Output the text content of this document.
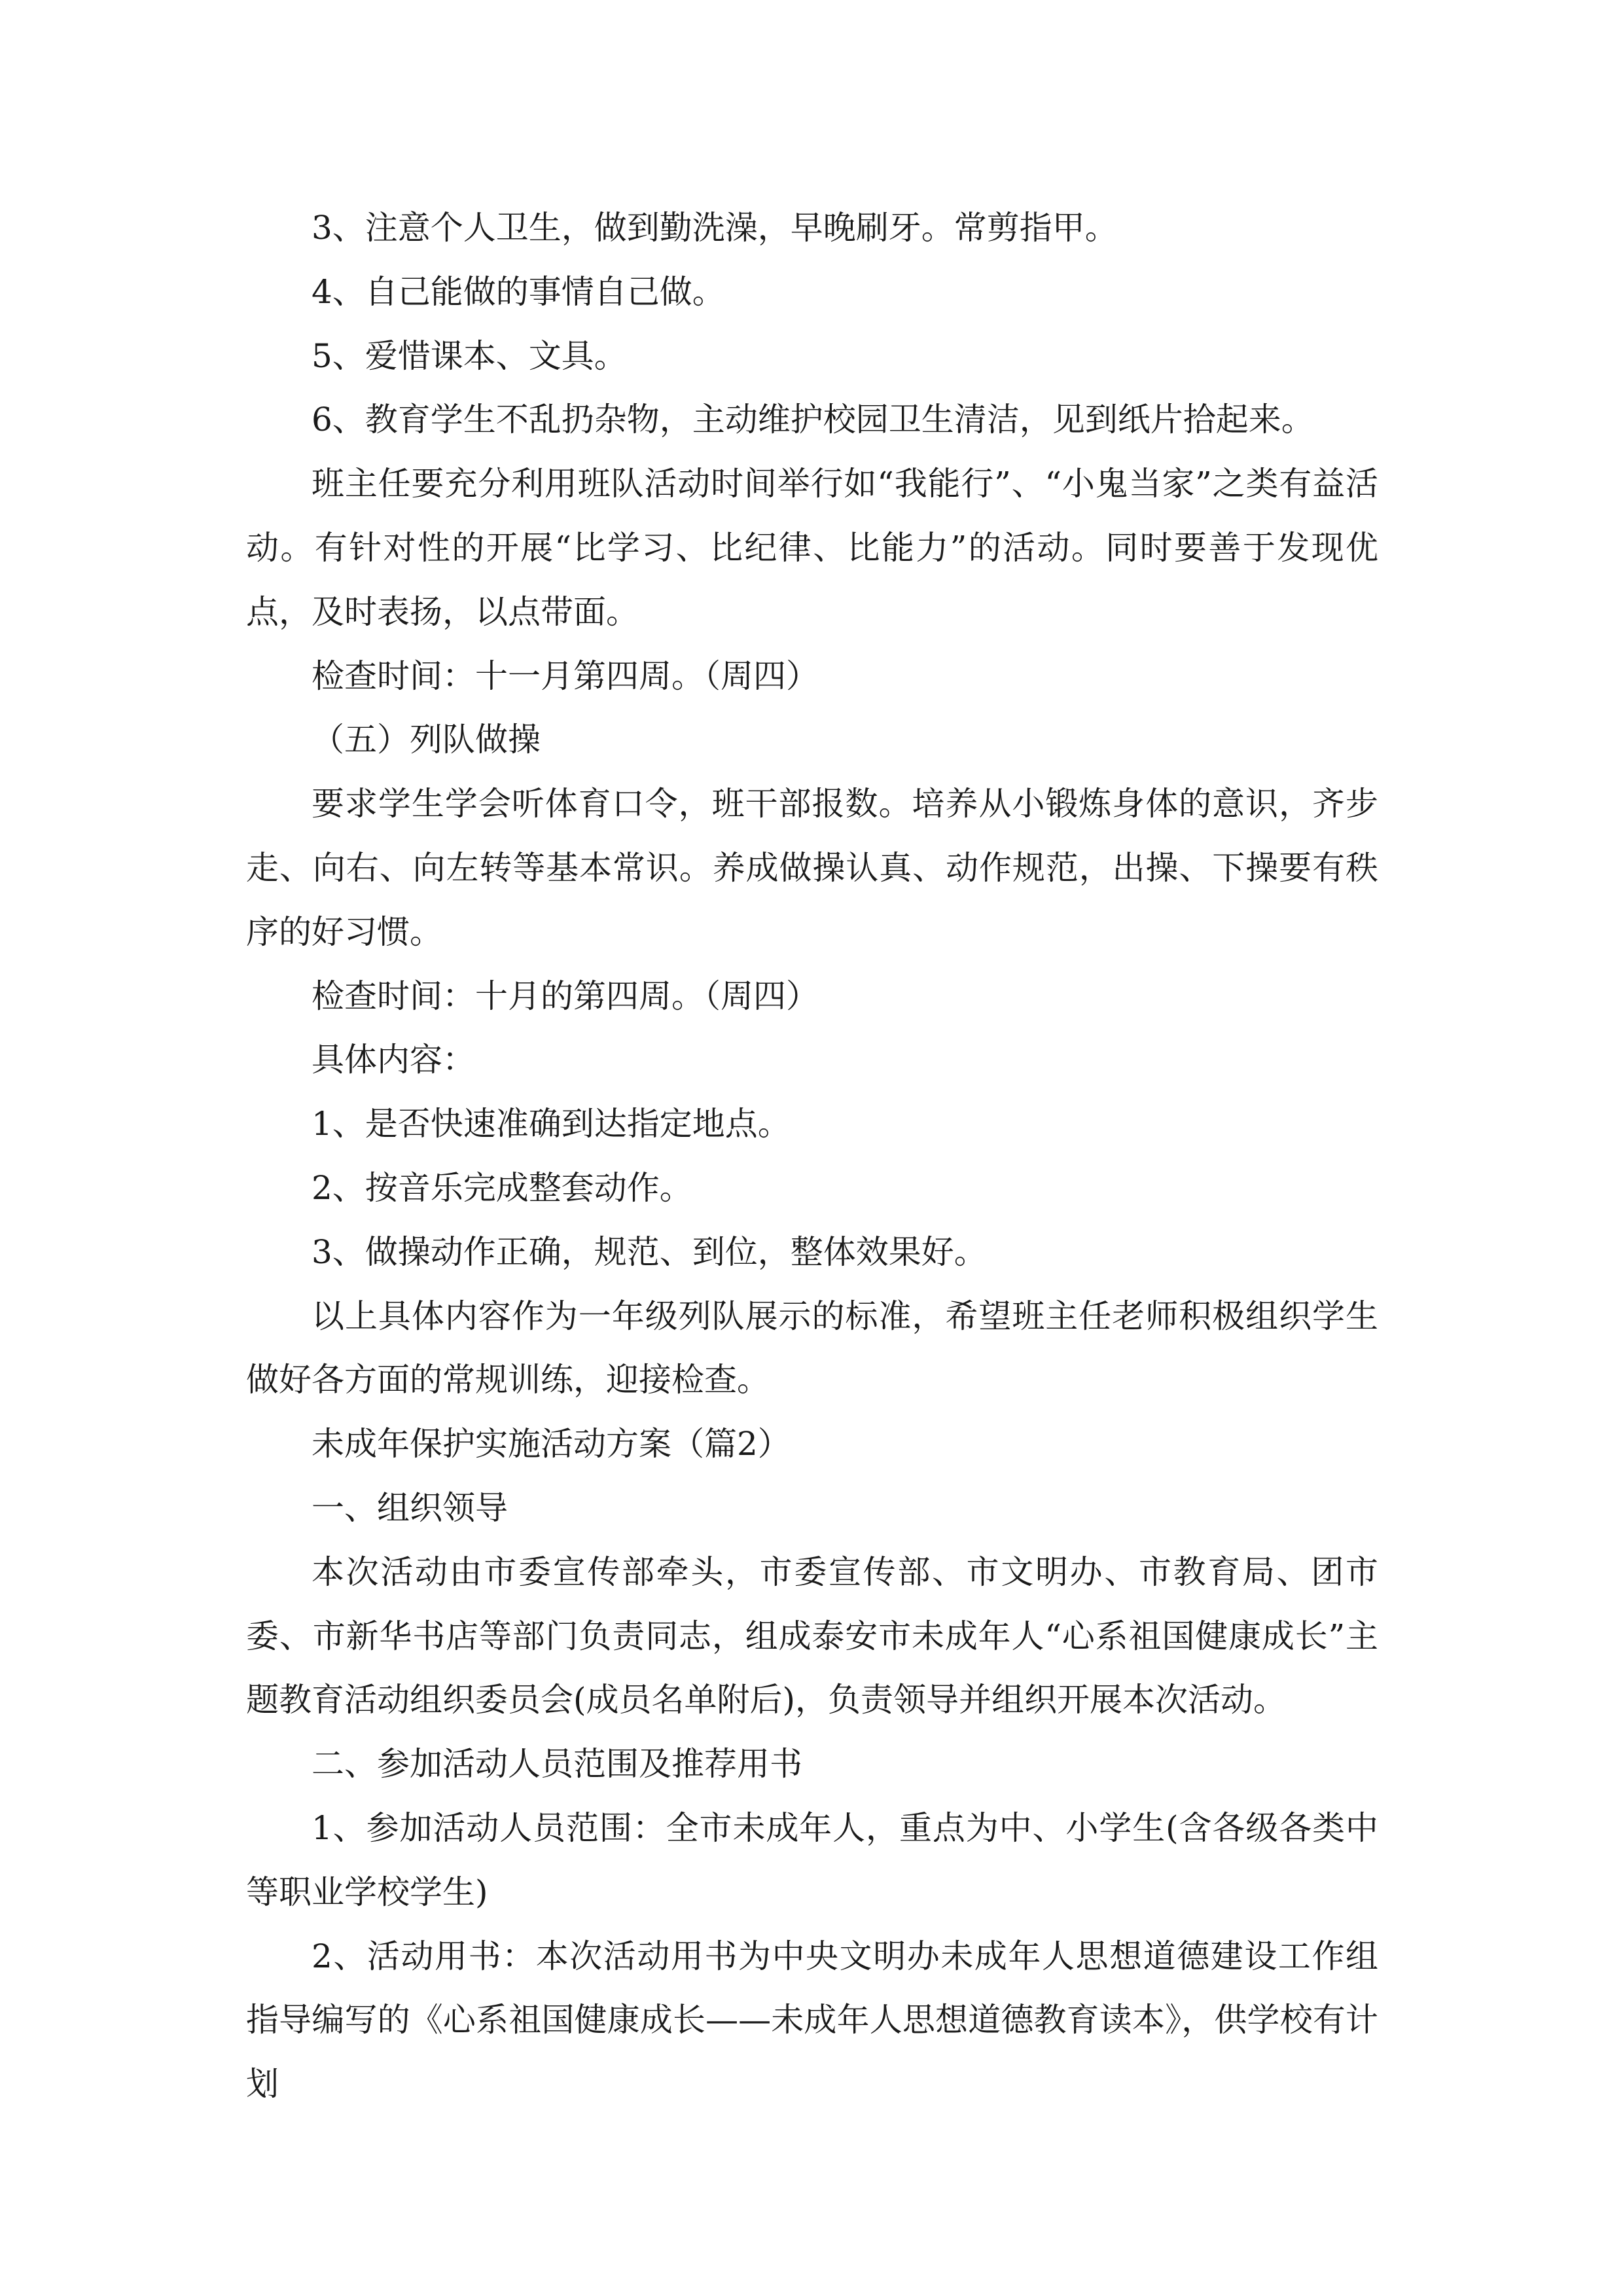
3、注意个人卫生，做到勤洗澡，早晚刷牙。常剪指甲。

4、自己能做的事情自己做。

5、爱惜课本、文具。

6、教育学生不乱扔杂物，主动维护校园卫生清洁，见到纸片拾起来。

班主任要充分利用班队活动时间举行如“我能行”、“小鬼当家”之类有益活动。有针对性的开展“比学习、比纪律、比能力”的活动。同时要善于发现优点，及时表扬，以点带面。

检查时间：十一月第四周。（周四）

（五）列队做操

要求学生学会听体育口令，班干部报数。培养从小锻炼身体的意识，齐步走、向右、向左转等基本常识。养成做操认真、动作规范，出操、下操要有秩序的好习惯。

检查时间：十月的第四周。（周四）

具体内容：

1、是否快速准确到达指定地点。

2、按音乐完成整套动作。

3、做操动作正确，规范、到位，整体效果好。

以上具体内容作为一年级列队展示的标准，希望班主任老师积极组织学生做好各方面的常规训练，迎接检查。

未成年保护实施活动方案（篇2）

一、组织领导

本次活动由市委宣传部牵头，市委宣传部、市文明办、市教育局、团市委、市新华书店等部门负责同志，组成泰安市未成年人“心系祖国健康成长”主题教育活动组织委员会(成员名单附后)，负责领导并组织开展本次活动。

二、参加活动人员范围及推荐用书

1、参加活动人员范围：全市未成年人，重点为中、小学生(含各级各类中等职业学校学生)

2、活动用书：本次活动用书为中央文明办未成年人思想道德建设工作组指导编写的《心系祖国健康成长——未成年人思想道德教育读本》，供学校有计划
